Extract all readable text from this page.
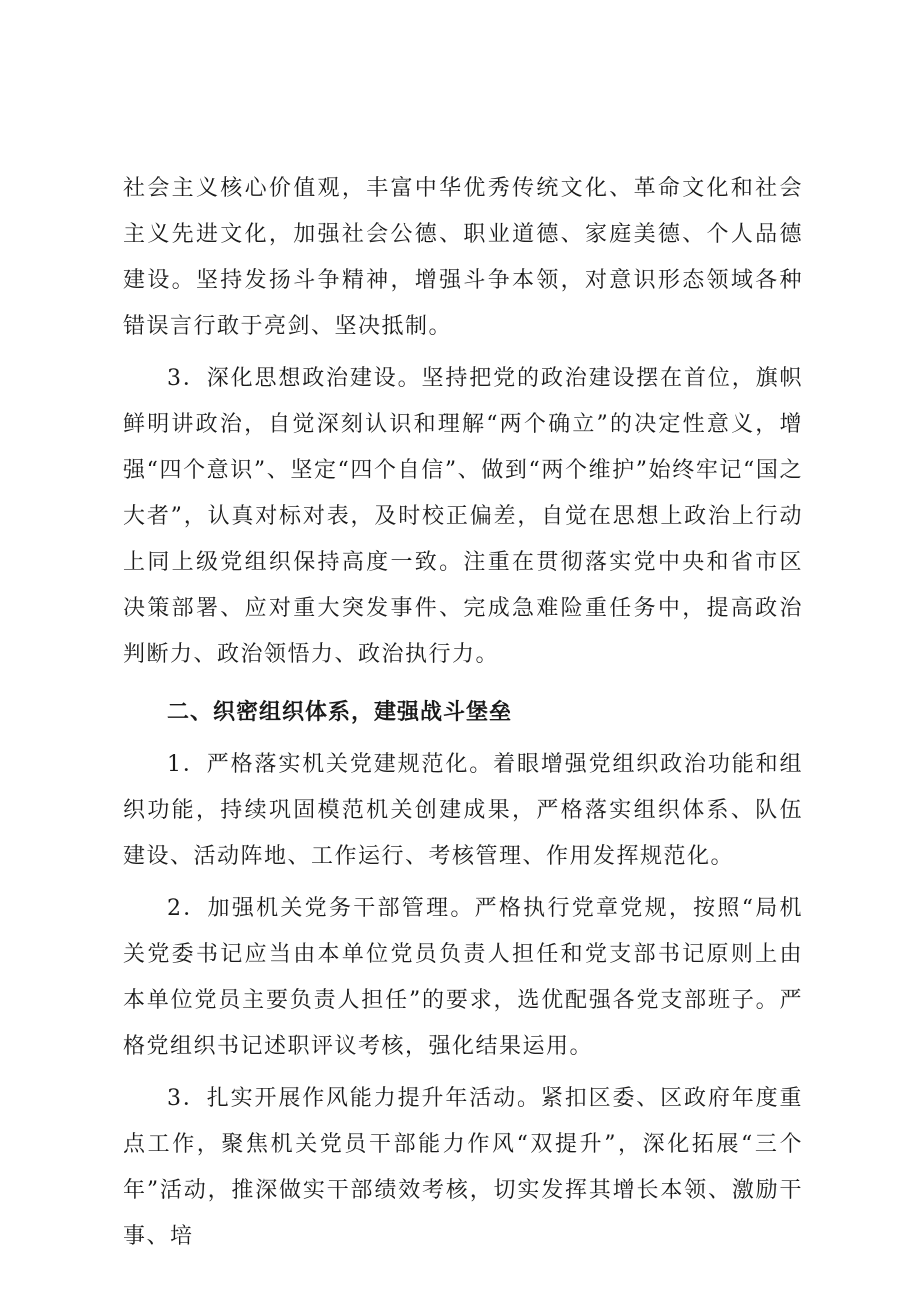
社会主义核心价值观，丰富中华优秀传统文化、革命文化和社会主义先进文化，加强社会公德、职业道德、家庭美德、个人品德建设。坚持发扬斗争精神，增强斗争本领，对意识形态领域各种错误言行敢于亮剑、坚决抵制。

3．深化思想政治建设。坚持把党的政治建设摆在首位，旗帜鲜明讲政治，自觉深刻认识和理解“两个确立”的决定性意义，增强“四个意识”、坚定“四个自信”、做到“两个维护”始终牢记“国之大者”，认真对标对表，及时校正偏差，自觉在思想上政治上行动上同上级党组织保持高度一致。注重在贯彻落实党中央和省市区决策部署、应对重大突发事件、完成急难险重任务中，提高政治判断力、政治领悟力、政治执行力。

二、织密组织体系，建强战斗堡垒

1．严格落实机关党建规范化。着眼增强党组织政治功能和组织功能，持续巩固模范机关创建成果，严格落实组织体系、队伍建设、活动阵地、工作运行、考核管理、作用发挥规范化。

2．加强机关党务干部管理。严格执行党章党规，按照“局机关党委书记应当由本单位党员负责人担任和党支部书记原则上由本单位党员主要负责人担任”的要求，选优配强各党支部班子。严格党组织书记述职评议考核，强化结果运用。

3．扎实开展作风能力提升年活动。紧扣区委、区政府年度重点工作，聚焦机关党员干部能力作风“双提升”，深化拓展“三个年”活动，推深做实干部绩效考核，切实发挥其增长本领、激励干事、培
